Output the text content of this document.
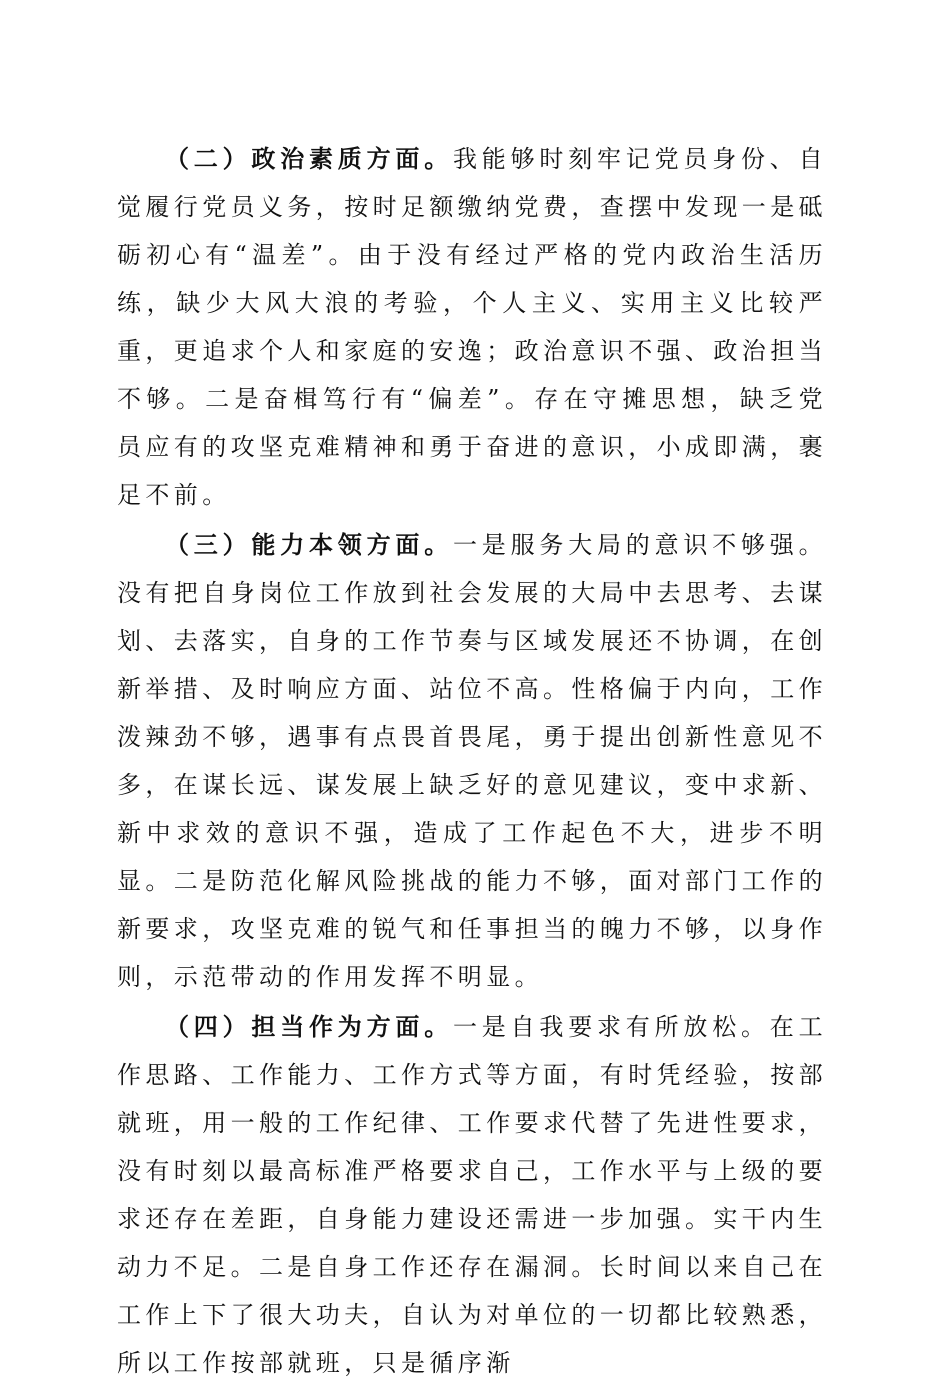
（二）政治素质方面。我能够时刻牢记党员身份、自觉履行党员义务，按时足额缴纳党费，查摆中发现一是砥砺初心有“温差”。由于没有经过严格的党内政治生活历练，缺少大风大浪的考验，个人主义、实用主义比较严重，更追求个人和家庭的安逸；政治意识不强、政治担当不够。二是奋楫笃行有“偏差”。存在守摊思想，缺乏党员应有的攻坚克难精神和勇于奋进的意识，小成即满，裹足不前。

（三）能力本领方面。一是服务大局的意识不够强。没有把自身岗位工作放到社会发展的大局中去思考、去谋划、去落实，自身的工作节奏与区域发展还不协调，在创新举措、及时响应方面、站位不高。性格偏于内向，工作泼辣劲不够，遇事有点畏首畏尾，勇于提出创新性意见不多，在谋长远、谋发展上缺乏好的意见建议，变中求新、新中求效的意识不强，造成了工作起色不大，进步不明显。二是防范化解风险挑战的能力不够，面对部门工作的新要求，攻坚克难的锐气和任事担当的魄力不够，以身作则，示范带动的作用发挥不明显。

（四）担当作为方面。一是自我要求有所放松。在工作思路、工作能力、工作方式等方面，有时凭经验，按部就班，用一般的工作纪律、工作要求代替了先进性要求，没有时刻以最高标准严格要求自己，工作水平与上级的要求还存在差距，自身能力建设还需进一步加强。实干内生动力不足。二是自身工作还存在漏洞。长时间以来自己在工作上下了很大功夫，自认为对单位的一切都比较熟悉，所以工作按部就班，只是循序渐
